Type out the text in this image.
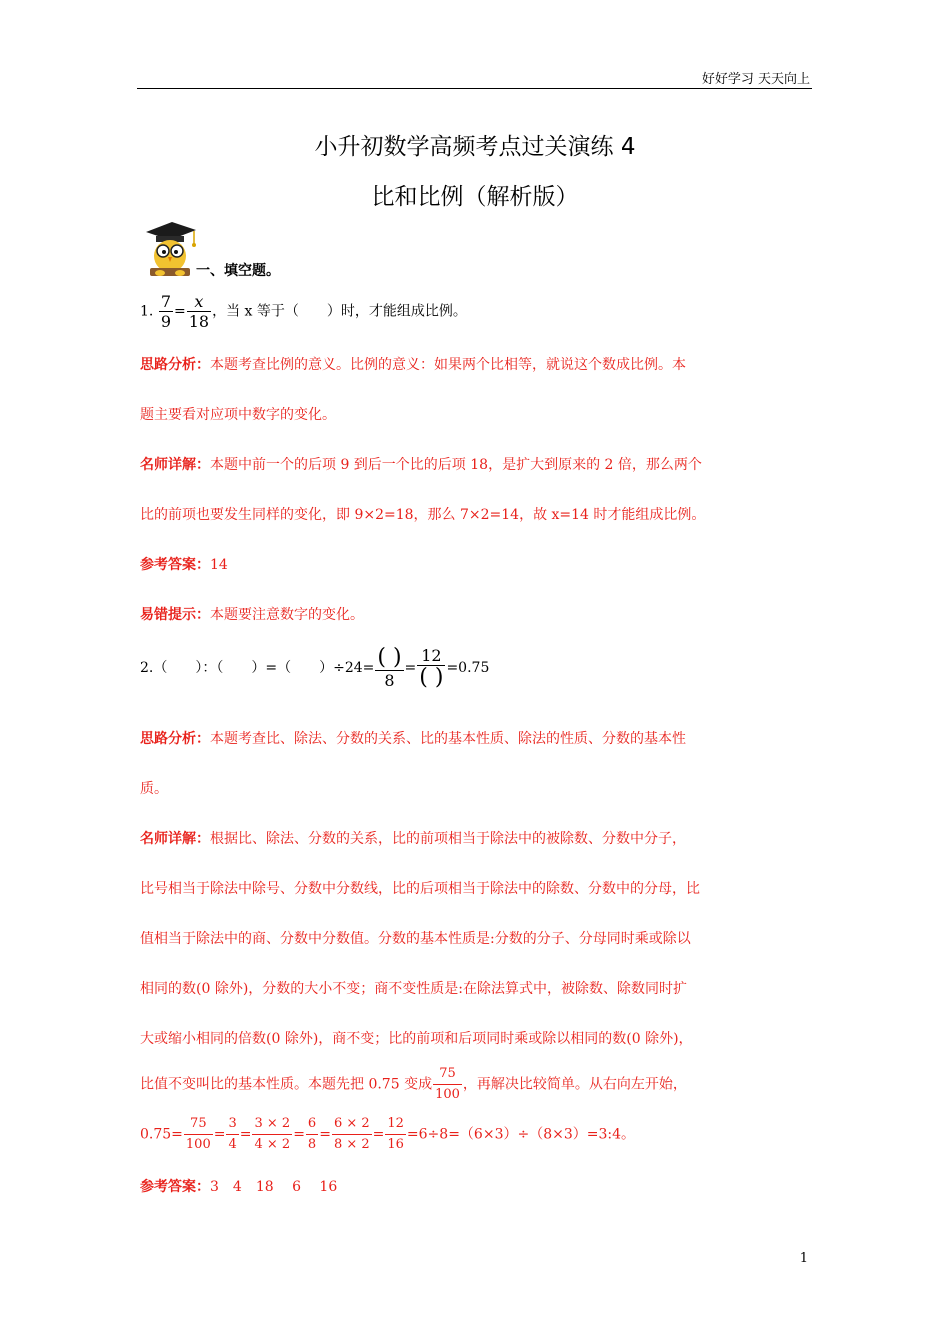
好好学习 天天向上
小升初数学高频考点过关演练 4
比和比例（解析版）
一、填空题。
1. $\frac{7}{9} = \frac{x}{18}$ ，当 x 等于（　　）时，才能组成比例。
思路分析：本题考查比例的意义。比例的意义：如果两个比相等，就说这个数成比例。本
题主要看对应项中数字的变化。
名师详解：本题中前一个的后项 9 到后一个比的后项 18，是扩大到原来的 2 倍，那么两个
比的前项也要发生同样的变化，即 9×2=18，那么 7×2=14，故 x=14 时才能组成比例。
参考答案：14
易错提示：本题要注意数字的变化。
2.（　　）：（　　）=（　　）$\div 24= \frac{( )}{8} = \frac{12}{( )} =0.75$
思路分析：本题考查比、除法、分数的关系、比的基本性质、除法的性质、分数的基本性
质。
名师详解：根据比、除法、分数的关系，比的前项相当于除法中的被除数、分数中分子，
比号相当于除法中除号、分数中分数线，比的后项相当于除法中的除数、分数中的分母，比
值相当于除法中的商、分数中分数值。分数的基本性质是:分数的分子、分母同时乘或除以
相同的数(0 除外)，分数的大小不变；商不变性质是:在除法算式中，被除数、除数同时扩
大或缩小相同的倍数(0 除外)，商不变；比的前项和后项同时乘或除以相同的数(0 除外)，
比值不变叫比的基本性质。本题先把 0.75 变成 $\frac{75}{100}$ ，再解决比较简单。从右向左开始，
$0.75= \frac{75}{100} = \frac{3}{4} = \frac{3 \times 2}{4 \times 2} = \frac{6}{8} = \frac{6 \times 2}{8 \times 2} = \frac{12}{16}$ =6÷8=（6×3）÷（8×3）=3:4。
参考答案：3　4　18　 6　 16
1
